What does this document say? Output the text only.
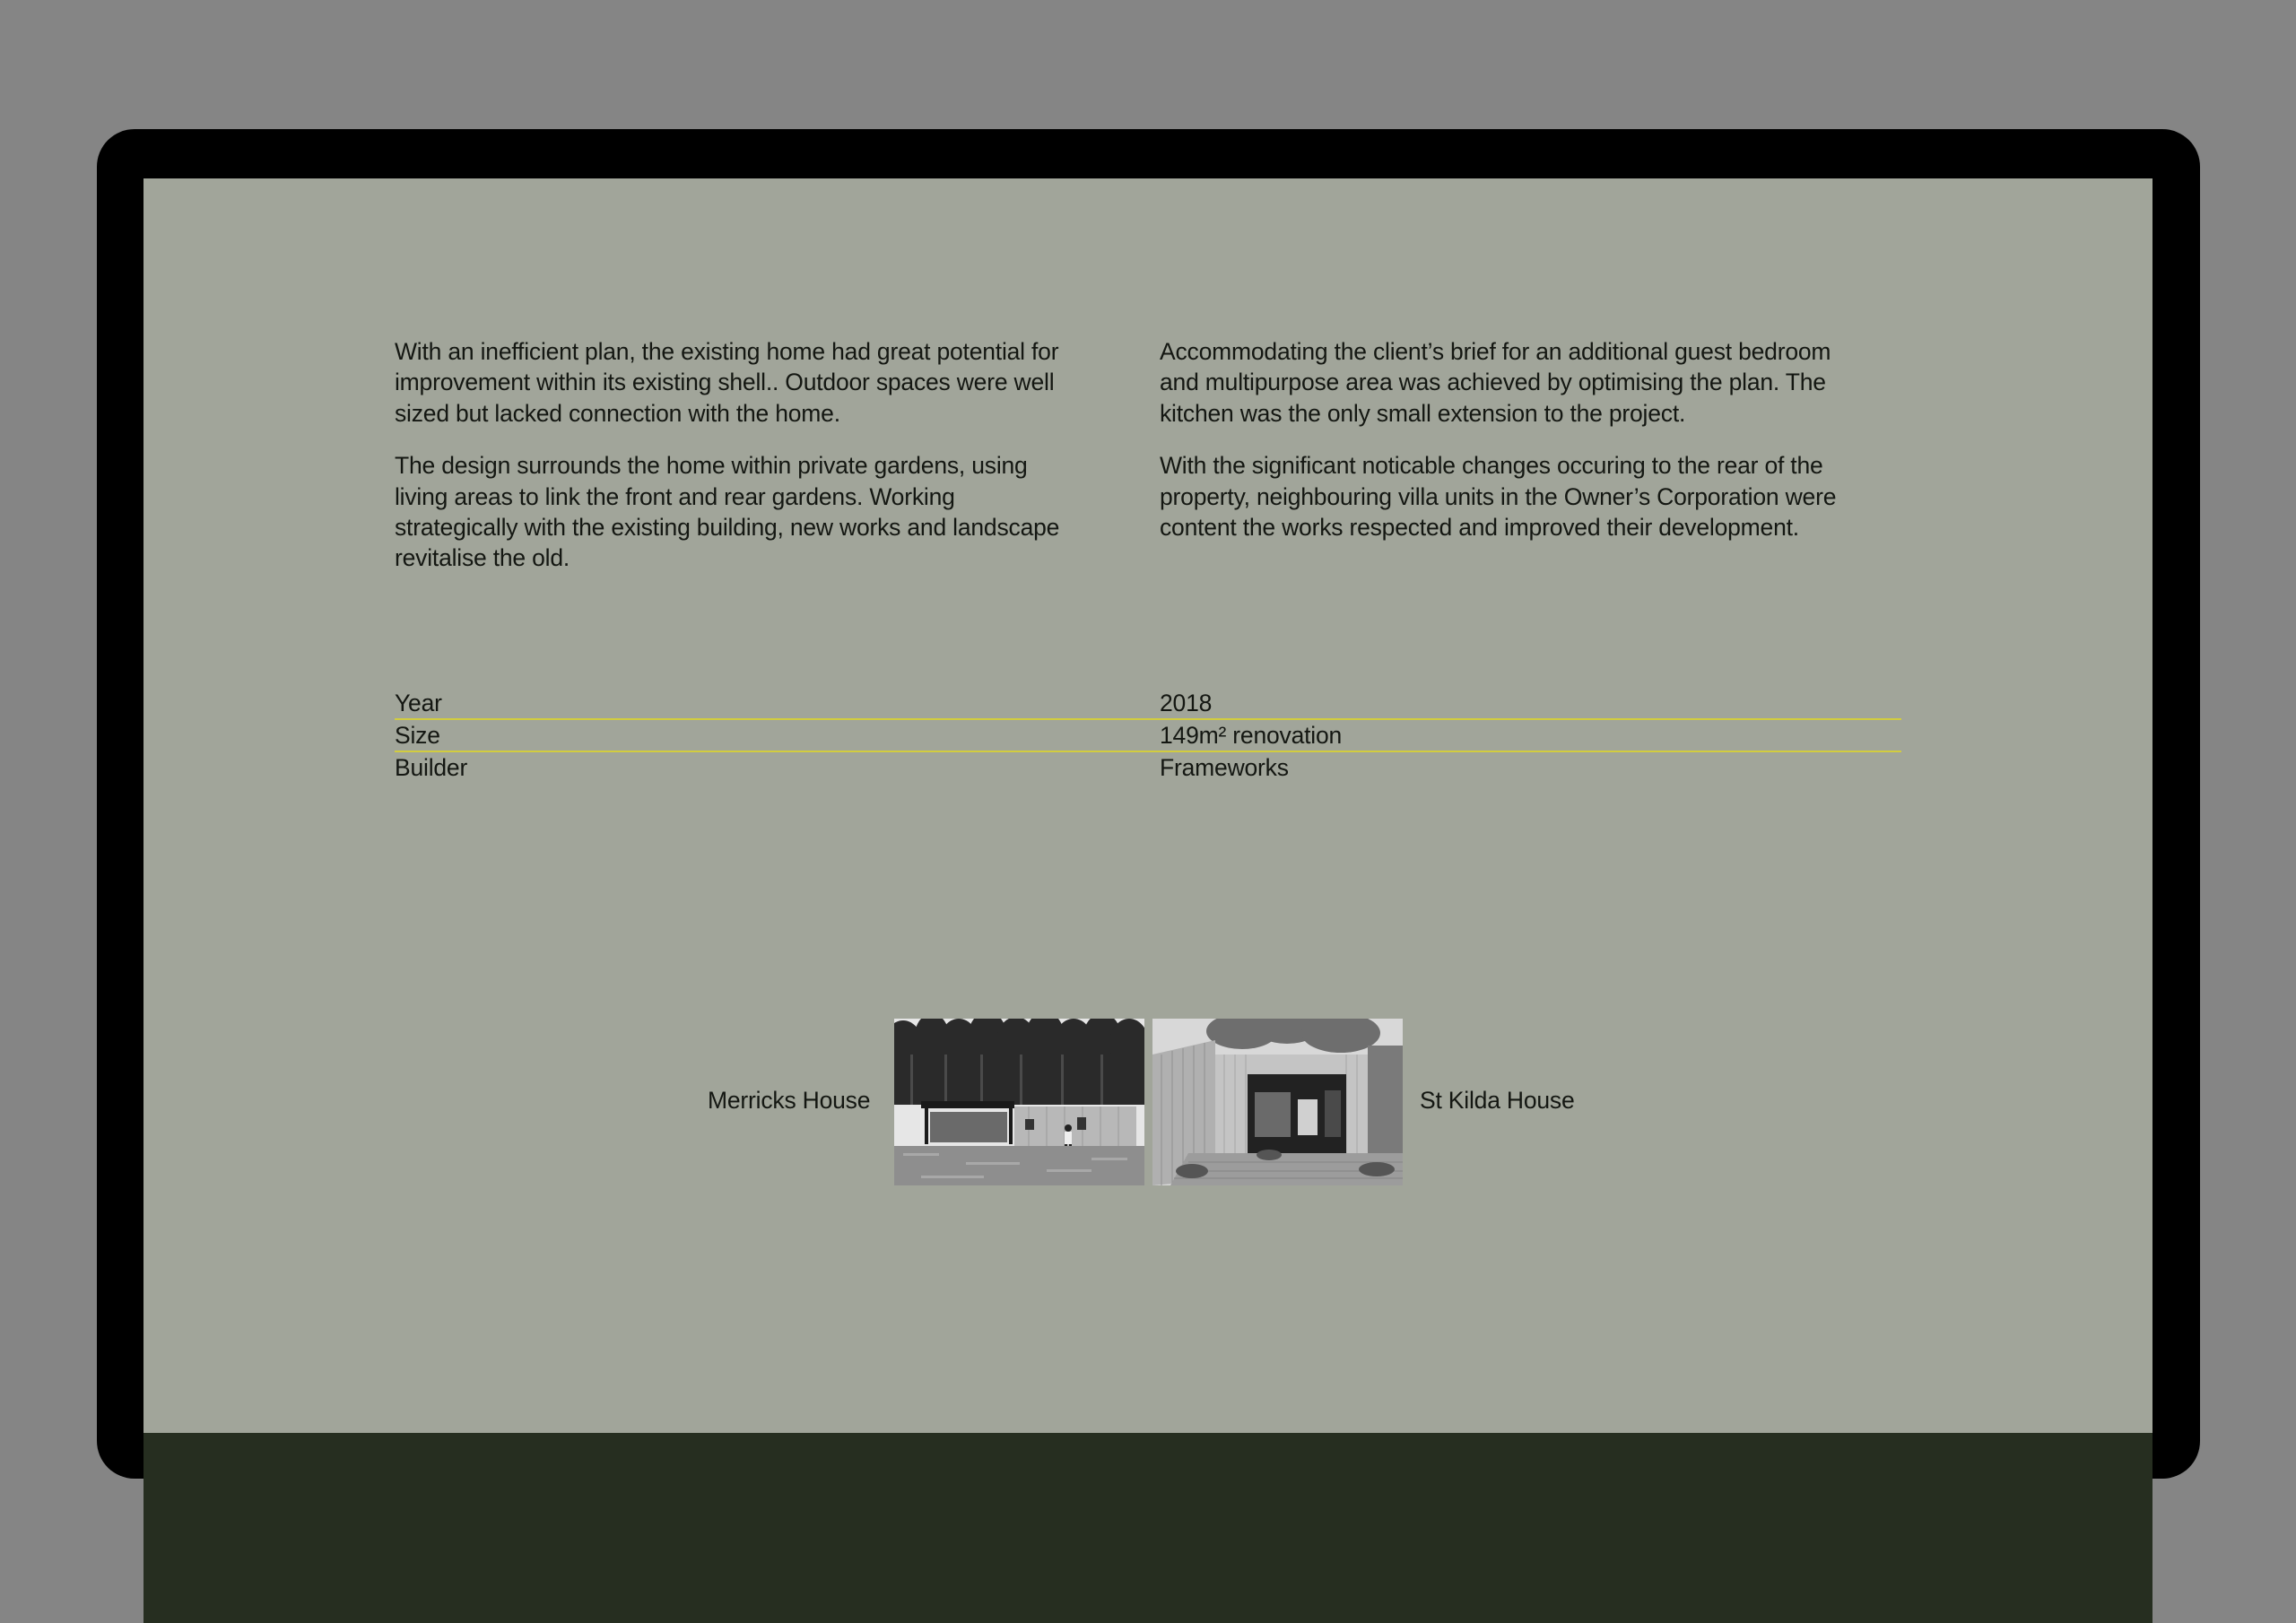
With an inefficient plan, the existing home had great potential for improvement within its existing shell.. Outdoor spaces were well sized but lacked connection with the home.

The design surrounds the home within private gardens, using living areas to link the front and rear gardens. Working strategically with the existing building, new works and landscape revitalise the old.

Accommodating the client’s brief for an additional guest bedroom and multipurpose area was achieved by optimising the plan. The kitchen was the only small extension to the project.

With the significant noticable changes occuring to the rear of the property, neighbouring villa units in the Owner’s Corporation were content the works respected and improved their development.

Year	2018
Size	149m² renovation
Builder	Frameworks
Merricks House	St Kilda House
